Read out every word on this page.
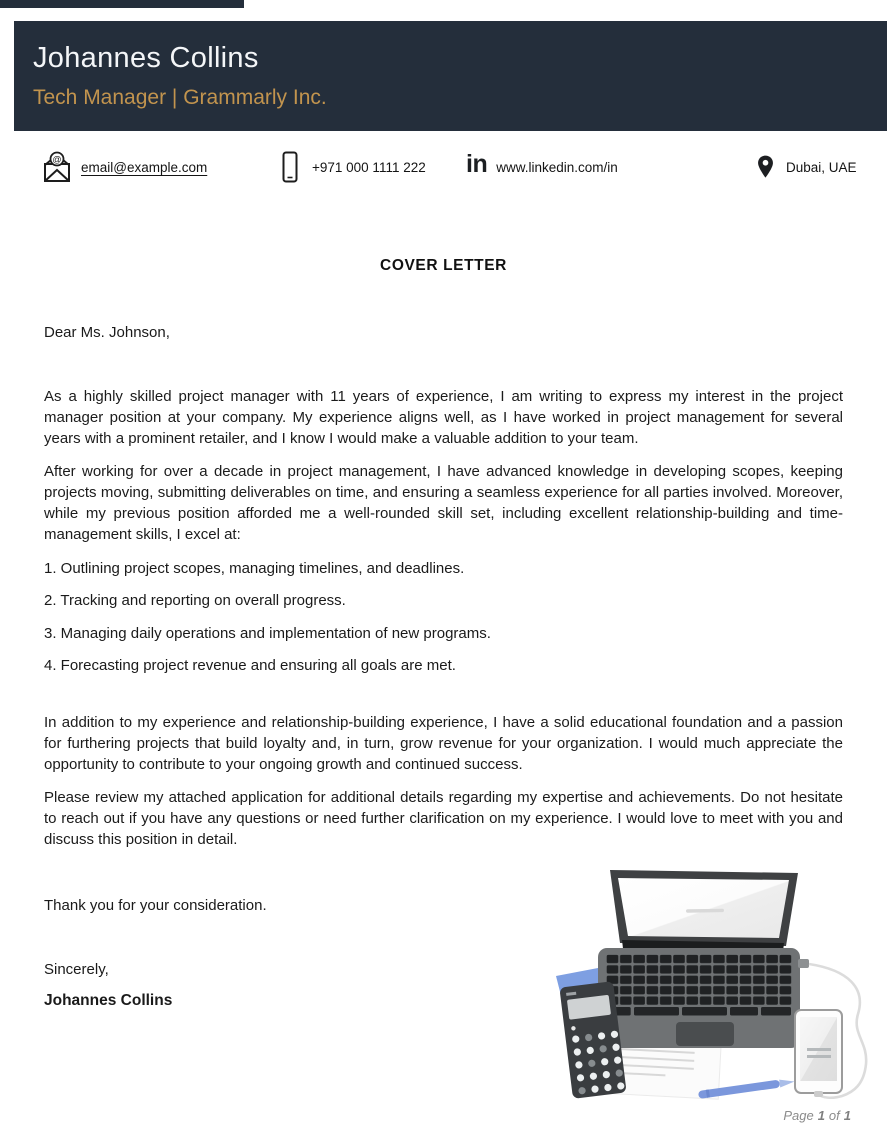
Johannes Collins
Tech Manager | Grammarly Inc.
@ email@example.com	+971 000 1111 222 in www.linkedin.com/in	Dubai, UAE
COVER LETTER

Dear Ms. Johnson,

As a highly skilled project manager with 11 years of experience, I am writing to express my interest in the project manager position at your company. My experience aligns well, as I have worked in project management for several years with a prominent retailer, and I know I would make a valuable addition to your team.

After working for over a decade in project management, I have advanced knowledge in developing scopes, keeping projects moving, submitting deliverables on time, and ensuring a seamless experience for all parties involved. Moreover, while my previous position afforded me a well-rounded skill set, including excellent relationship-building and time-management skills, I excel at:

1. Outlining project scopes, managing timelines, and deadlines.

2. Tracking and reporting on overall progress.

3. Managing daily operations and implementation of new programs.

4. Forecasting project revenue and ensuring all goals are met.

In addition to my experience and relationship-building experience, I have a solid educational foundation and a passion for furthering projects that build loyalty and, in turn, grow revenue for your organization. I would much appreciate the opportunity to contribute to your ongoing growth and continued success.

Please review my attached application for additional details regarding my expertise and achievements. Do not hesitate to reach out if you have any questions or need further clarification on my experience. I would love to meet with you and discuss this position in detail.

Thank you for your consideration.

Sincerely,

Johannes Collins

Page 1 of 1
